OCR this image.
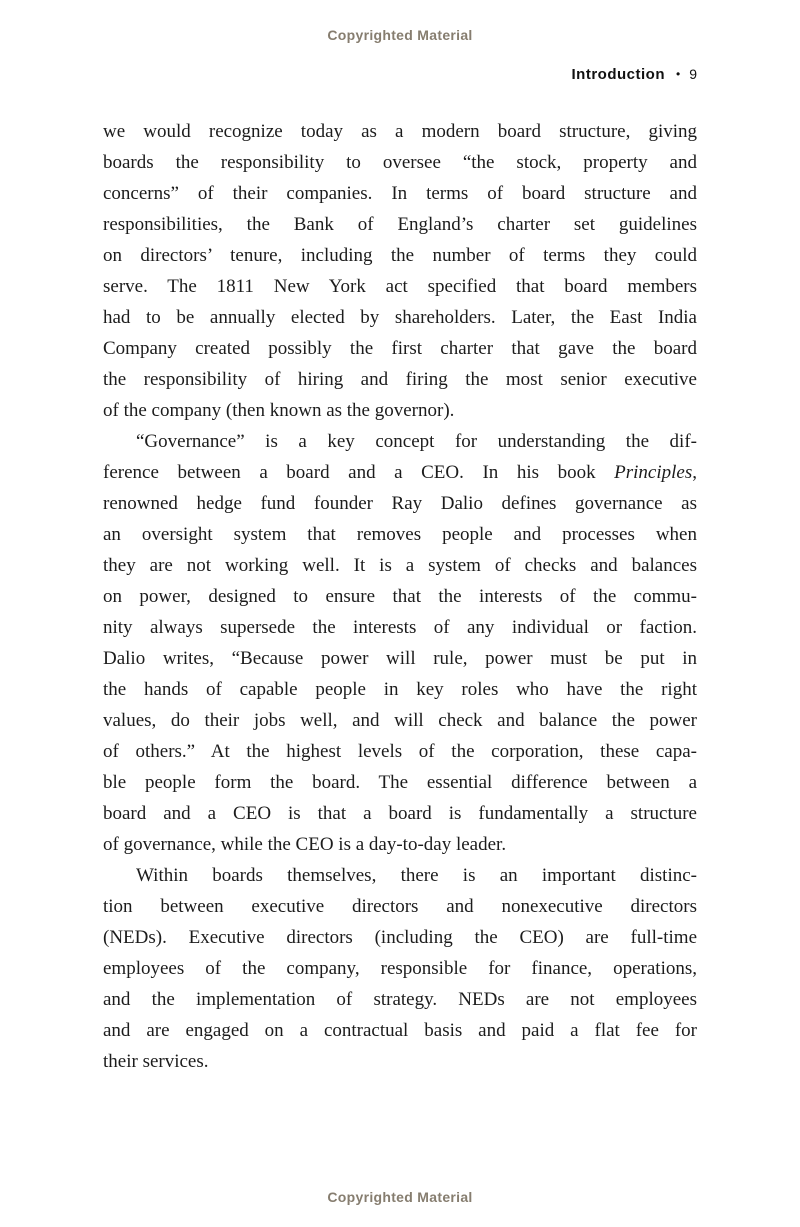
Copyrighted Material
Introduction • 9
we would recognize today as a modern board structure, giving
boards the responsibility to oversee “the stock, property and
concerns” of their companies. In terms of board structure and
responsibilities, the Bank of England’s charter set guidelines
on directors’ tenure, including the number of terms they could
serve. The 1811 New York act specified that board members
had to be annually elected by shareholders. Later, the East India
Company created possibly the first charter that gave the board
the responsibility of hiring and firing the most senior executive
of the company (then known as the governor).
“Governance” is a key concept for understanding the dif-
ference between a board and a CEO. In his book Principles,
renowned hedge fund founder Ray Dalio defines governance as
an oversight system that removes people and processes when
they are not working well. It is a system of checks and balances
on power, designed to ensure that the interests of the commu-
nity always supersede the interests of any individual or faction.
Dalio writes, “Because power will rule, power must be put in
the hands of capable people in key roles who have the right
values, do their jobs well, and will check and balance the power
of others.” At the highest levels of the corporation, these capa-
ble people form the board. The essential difference between a
board and a CEO is that a board is fundamentally a structure
of governance, while the CEO is a day-to-day leader.
Within boards themselves, there is an important distinc-
tion between executive directors and nonexecutive directors
(NEDs). Executive directors (including the CEO) are full-time
employees of the company, responsible for finance, operations,
and the implementation of strategy. NEDs are not employees
and are engaged on a contractual basis and paid a flat fee for
their services.
Copyrighted Material
